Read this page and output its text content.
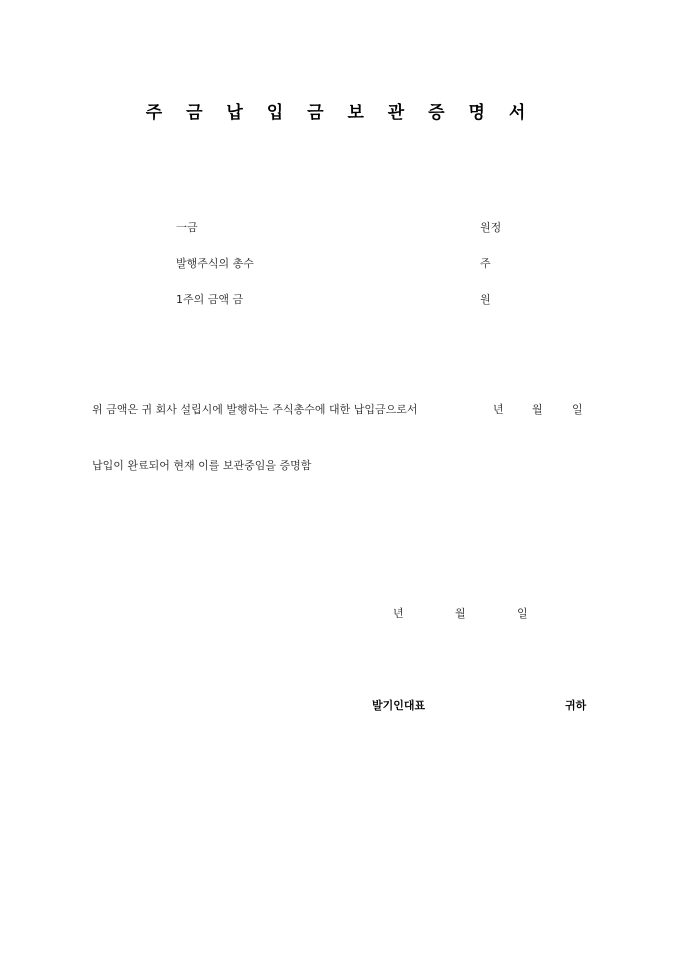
주 금 납 입 금 보 관 증 명 서
一금	원정
발행주식의 총수	주
1주의 금액 금	원
위 금액은 귀 회사 설립시에 발행하는 주식총수에 대한 납입금으로서	년	월	일
납입이 완료되어 현재 이를 보관중임을 증명함
년	월	일
발기인대표	귀하
